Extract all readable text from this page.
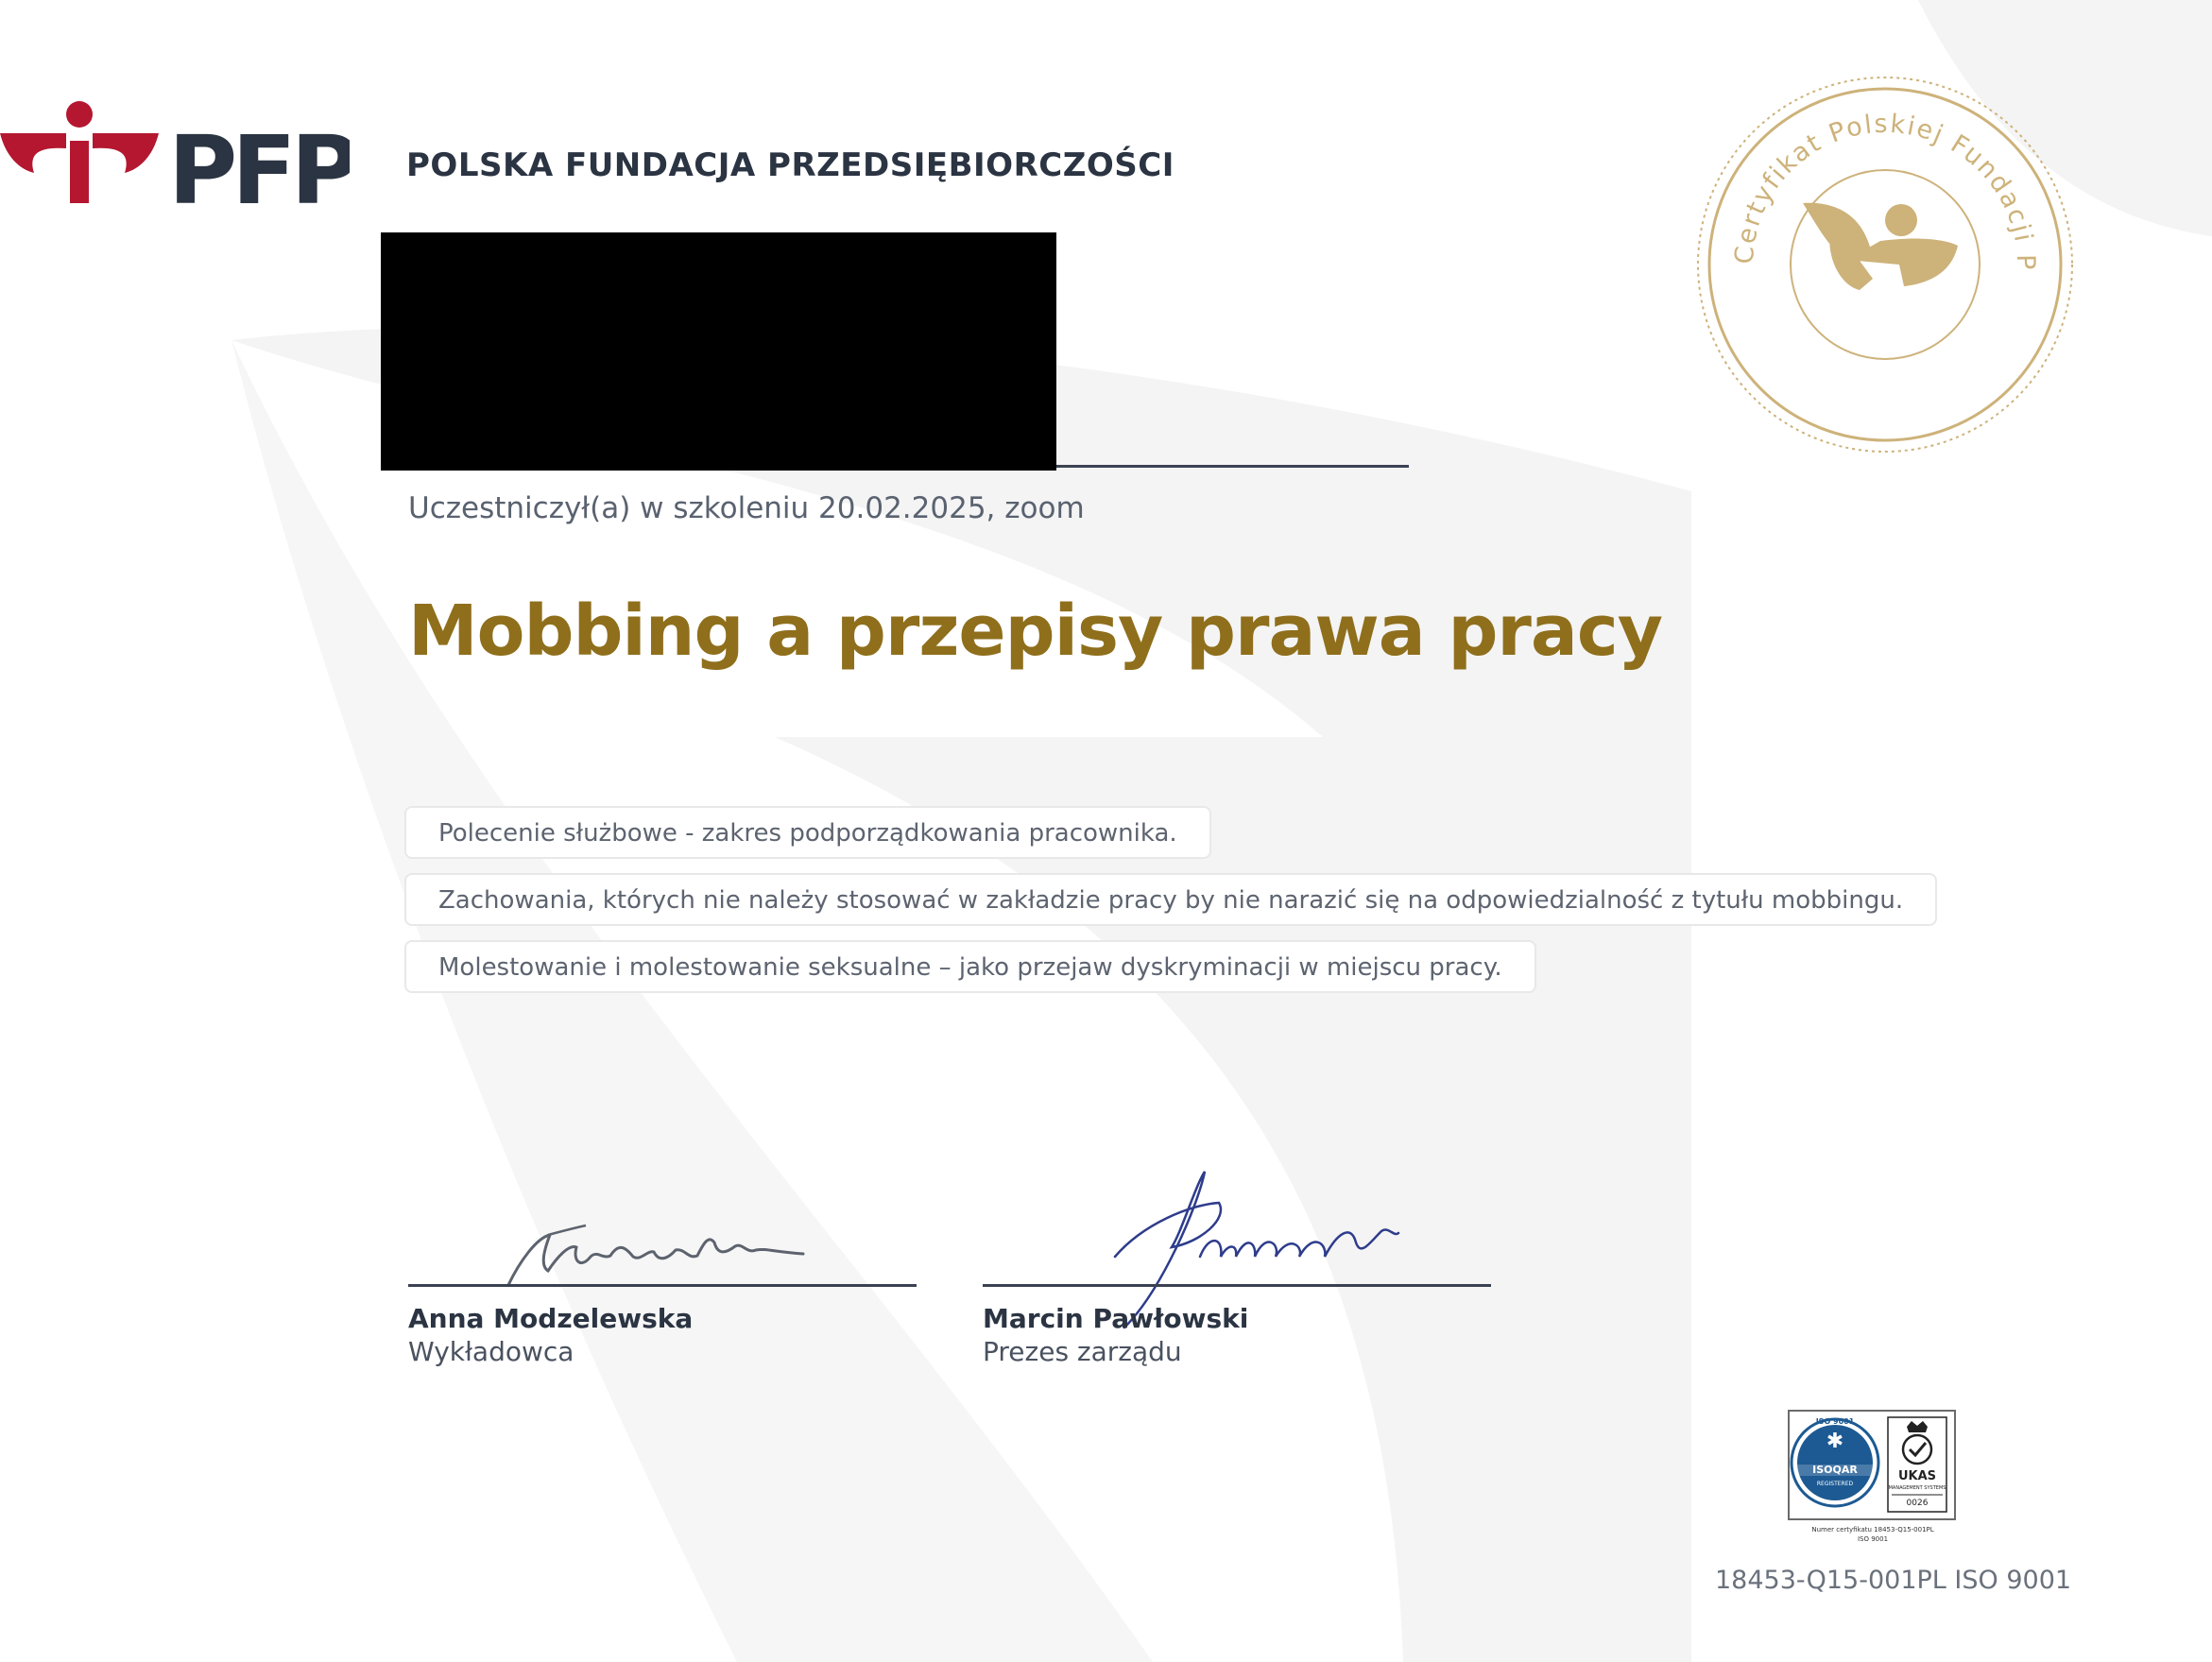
PFP POLSKA FUNDACJA PRZEDSIĘBIORCZOŚCI
Certyfikat Polskiej Fundacji P
Uczestniczył(a) w szkoleniu 20.02.2025, zoom
Mobbing a przepisy prawa pracy
Polecenie służbowe - zakres podporządkowania pracownika.
Zachowania, których nie należy stosować w zakładzie pracy by nie narazić się na odpowiedzialność z tytułu mobbingu.
Molestowanie i molestowanie seksualne – jako przejaw dyskryminacji w miejscu pracy.
Anna Modzelewska
Wykładowca
Marcin Pawłowski
Prezes zarządu
ISO 9001
✱
ISOQAR
REGISTERED
UKAS
MANAGEMENT SYSTEMS
0026
Numer certyfikatu 18453-Q15-001PL
ISO 9001
18453-Q15-001PL ISO 9001
